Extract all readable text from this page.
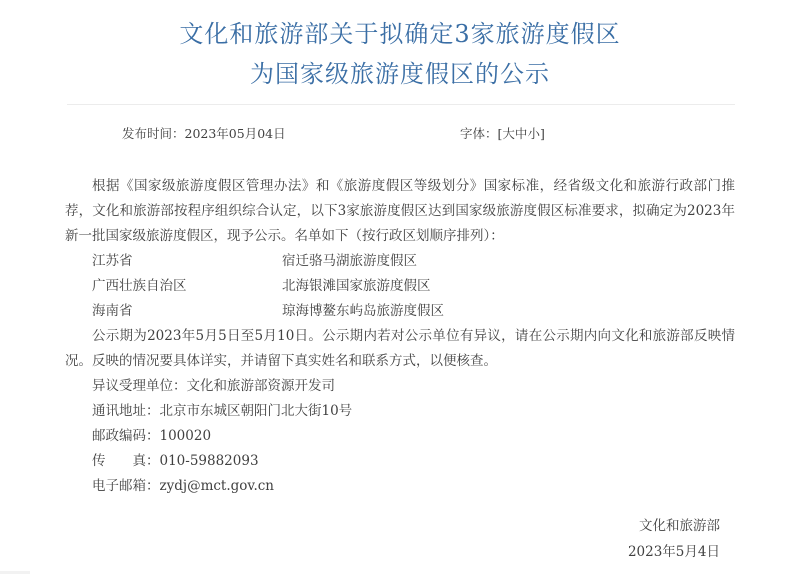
文化和旅游部关于拟确定3家旅游度假区
为国家级旅游度假区的公示
发布时间：2023年05月04日	字体：[大中小]

根据《国家级旅游度假区管理办法》和《旅游度假区等级划分》国家标准，经省级文化和旅游行政部门推荐，文化和旅游部按程序组织综合认定，以下3家旅游度假区达到国家级旅游度假区标准要求，拟确定为2023年新一批国家级旅游度假区，现予公示。名单如下（按行政区划顺序排列）：

江苏省	宿迁骆马湖旅游度假区
广西壮族自治区	北海银滩国家旅游度假区
海南省	琼海博鳌东屿岛旅游度假区

公示期为2023年5月5日至5月10日。公示期内若对公示单位有异议，请在公示期内向文化和旅游部反映情况。反映的情况要具体详实，并请留下真实姓名和联系方式，以便核查。

异议受理单位：文化和旅游部资源开发司
通讯地址：北京市东城区朝阳门北大街10号
邮政编码：100020
传　　真：010-59882093
电子邮箱：zydj@mct.gov.cn
文化和旅游部
2023年5月4日
